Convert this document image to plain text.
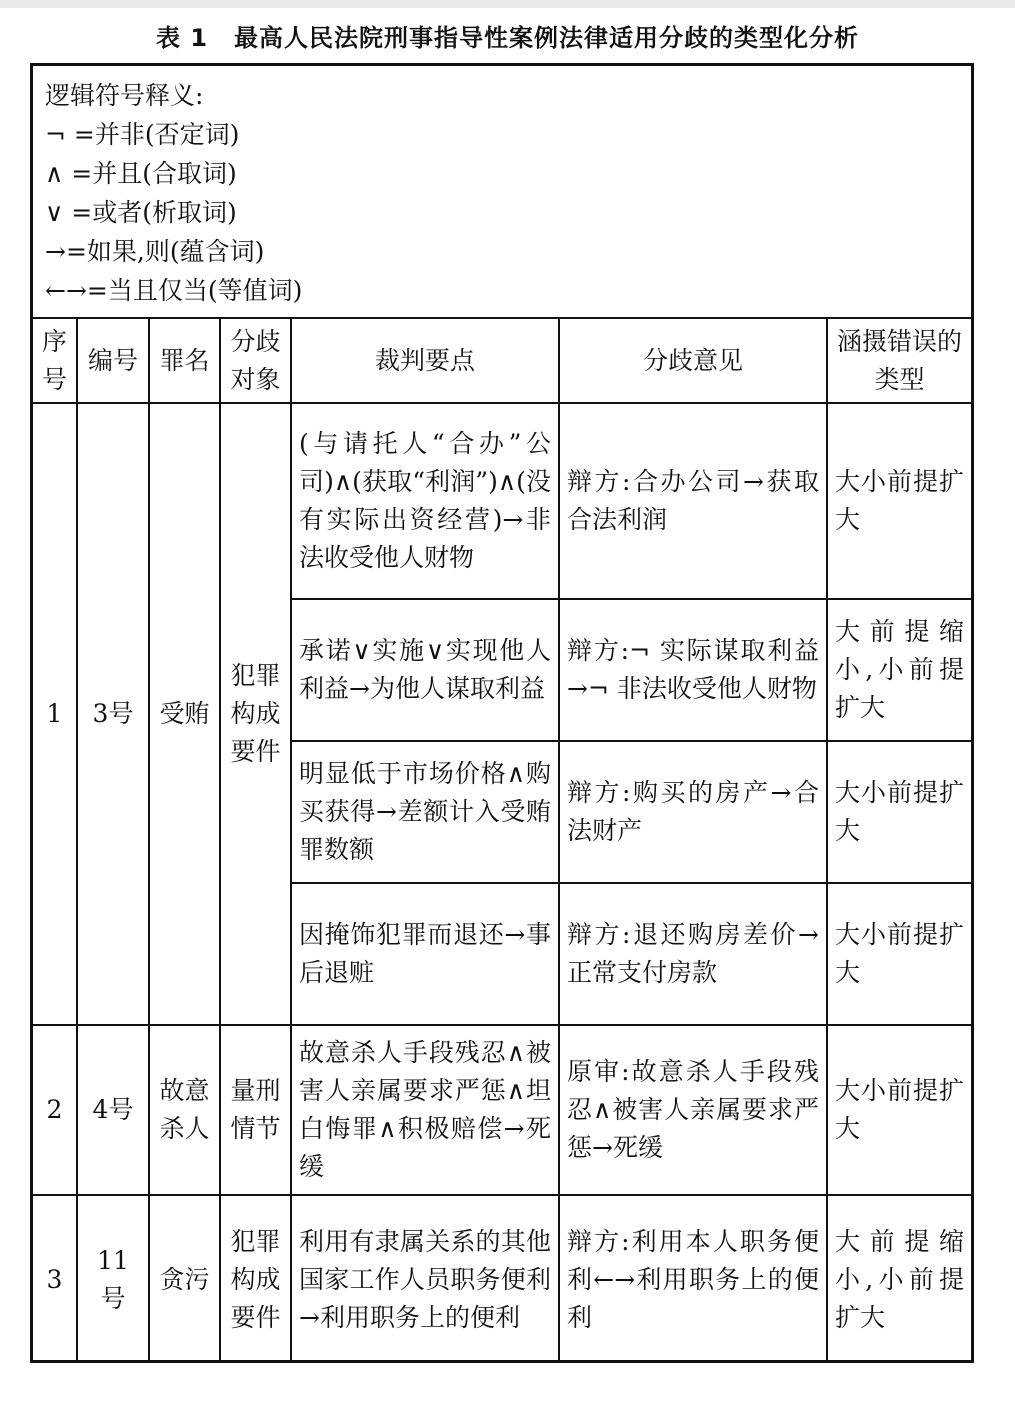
表 1 最高人民法院刑事指导性案例法律适用分歧的类型化分析
逻辑符号释义:
¬ =并非(否定词)
∧ =并且(合取词)
∨ =或者(析取词)
→=如果,则(蕴含词)
←→=当且仅当(等值词)
序号	编号	罪名	分歧对象	裁判要点	分歧意见	涵摄错误的类型
1	3号	受贿	犯罪构成要件	(与请托人“合办”公司)∧(获取“利润”)∧(没有实际出资经营)→非法收受他人财物	辩方:合办公司→获取合法利润	大小前提扩大
				承诺∨实施∨实现他人利益→为他人谋取利益	辩方:¬ 实际谋取利益→¬ 非法收受他人财物	大前提缩小,小前提扩大
				明显低于市场价格∧购买获得→差额计入受贿罪数额	辩方:购买的房产→合法财产	大小前提扩大
				因掩饰犯罪而退还→事后退赃	辩方:退还购房差价→正常支付房款	大小前提扩大
2	4号	故意杀人	量刑情节	故意杀人手段残忍∧被害人亲属要求严惩∧坦白悔罪∧积极赔偿→死缓	原审:故意杀人手段残忍∧被害人亲属要求严惩→死缓	大小前提扩大
3	11号	贪污	犯罪构成要件	利用有隶属关系的其他国家工作人员职务便利→利用职务上的便利	辩方:利用本人职务便利←→利用职务上的便利	大前提缩小,小前提扩大
